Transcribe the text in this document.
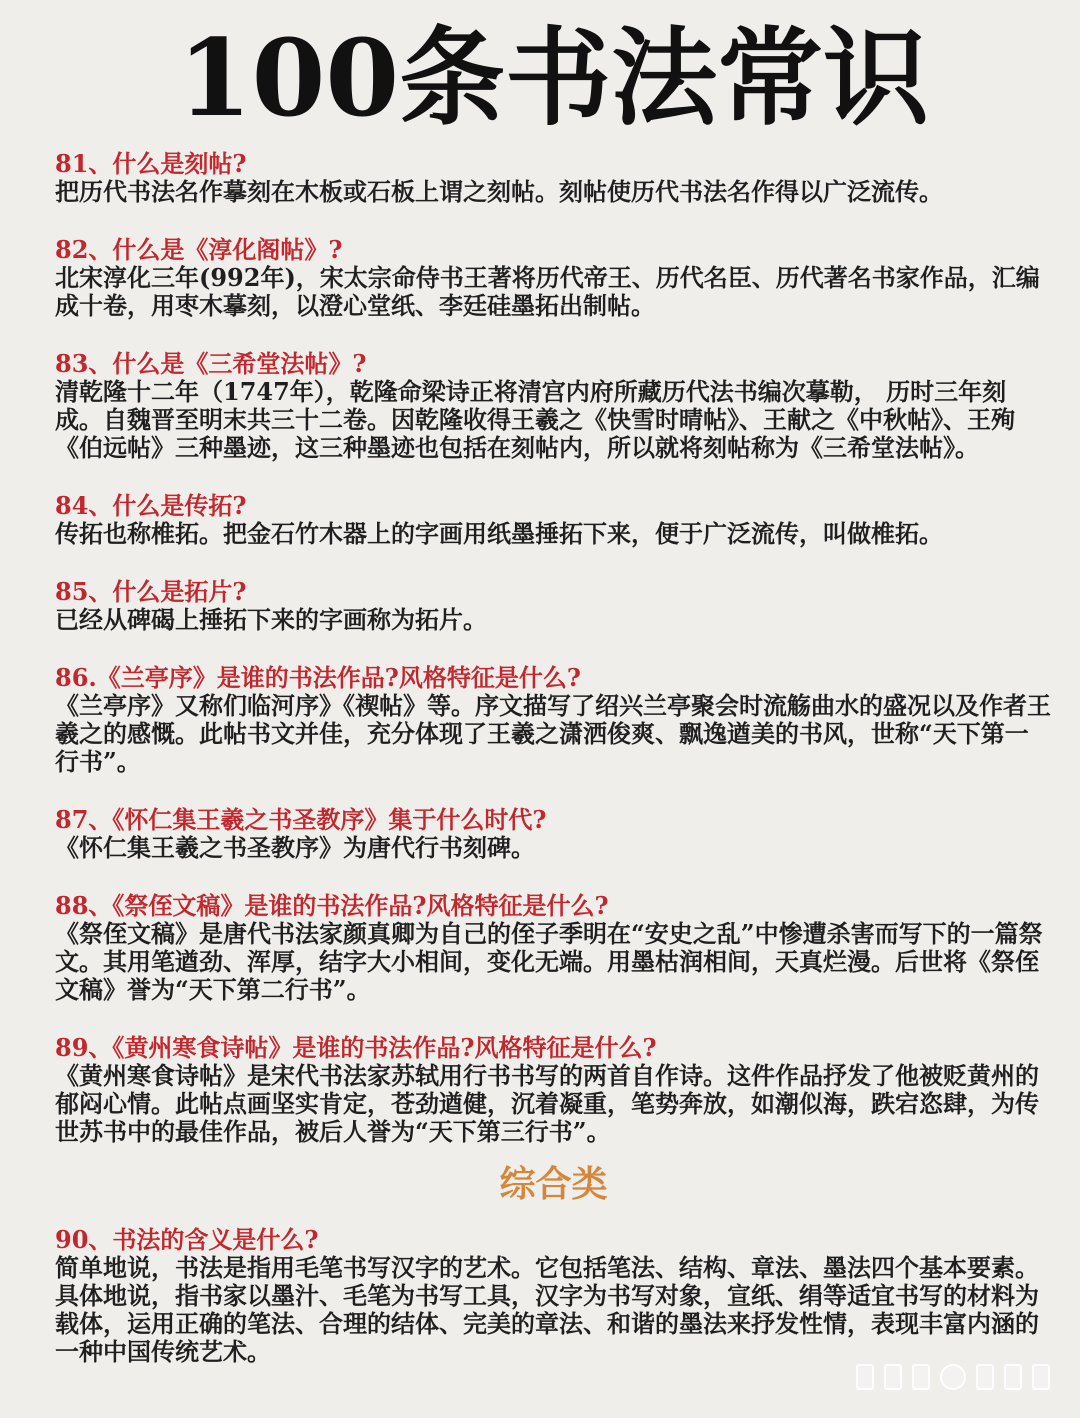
100条书法常识
81、什么是刻帖?
把历代书法名作摹刻在木板或石板上谓之刻帖。刻帖使历代书法名作得以广泛流传。
82、什么是《淳化阁帖》?
北宋淳化三年(992年)，宋太宗命侍书王著将历代帝王、历代名臣、历代著名书家作品，汇编成十卷，用枣木摹刻，以澄心堂纸、李廷硅墨拓出制帖。
83、什么是《三希堂法帖》?
清乾隆十二年（1747年），乾隆命梁诗正将清宫内府所藏历代法书编次摹勒， 历时三年刻成。自魏晋至明末共三十二卷。因乾隆收得王羲之《快雪时晴帖》、王献之《中秋帖》、王殉《伯远帖》三种墨迹，这三种墨迹也包括在刻帖内，所以就将刻帖称为《三希堂法帖》。
84、什么是传拓?
传拓也称椎拓。把金石竹木器上的字画用纸墨捶拓下来，便于广泛流传，叫做椎拓。
85、什么是拓片?
已经从碑碣上捶拓下来的字画称为拓片。
86.《兰亭序》是谁的书法作品?风格特征是什么?
《兰亭序》又称们临河序》《禊帖》等。序文描写了绍兴兰亭聚会时流觞曲水的盛况以及作者王羲之的感慨。此帖书文并佳，充分体现了王羲之潇洒俊爽、飘逸遒美的书风，世称“天下第一行书”。
87、《怀仁集王羲之书圣教序》集于什么时代?
《怀仁集王羲之书圣教序》为唐代行书刻碑。
88、《祭侄文稿》是谁的书法作品?风格特征是什么?
《祭侄文稿》是唐代书法家颜真卿为自己的侄子季明在“安史之乱”中惨遭杀害而写下的一篇祭文。其用笔遒劲、浑厚，结字大小相间，变化无端。用墨枯润相间，天真烂漫。后世将《祭侄文稿》誉为“天下第二行书”。
89、《黄州寒食诗帖》是谁的书法作品?风格特征是什么?
《黄州寒食诗帖》是宋代书法家苏轼用行书书写的两首自作诗。这件作品抒发了他被贬黄州的郁闷心情。此帖点画坚实肯定，苍劲遒健，沉着凝重，笔势奔放，如潮似海，跌宕恣肆，为传世苏书中的最佳作品，被后人誉为“天下第三行书”。
综合类
90、书法的含义是什么?
简单地说，书法是指用毛笔书写汉字的艺术。它包括笔法、结构、章法、墨法四个基本要素。具体地说，指书家以墨汁、毛笔为书写工具，汉字为书写对象，宣纸、绢等适宜书写的材料为载体，运用正确的笔法、合理的结体、完美的章法、和谐的墨法来抒发性情，表现丰富内涵的一种中国传统艺术。
